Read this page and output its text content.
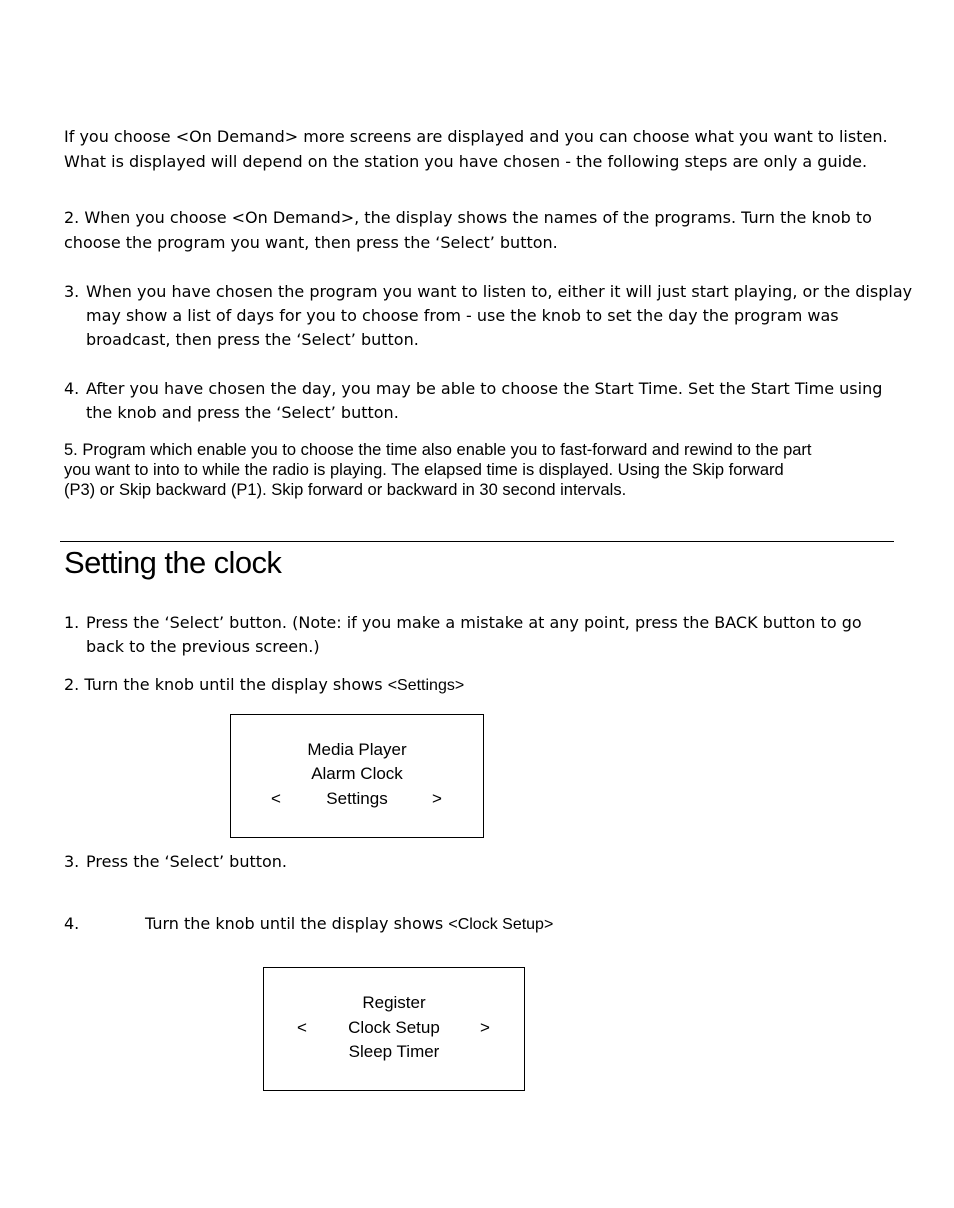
If you choose <On Demand> more screens are displayed and you can choose what you want to listen.

What is displayed will depend on the station you have chosen - the following steps are only a guide.

2. When you choose <On Demand>, the display shows the names of the programs. Turn the knob to

choose the program you want, then press the ‘Select’ button.

3. When you have chosen the program you want to listen to, either it will just start playing, or the display

may show a list of days for you to choose from - use the knob to set the day the program was

broadcast, then press the ‘Select’ button.

4. After you have chosen the day, you may be able to choose the Start Time. Set the Start Time using

the knob and press the ‘Select’ button.

5. Program which enable you to choose the time also enable you to fast-forward and rewind to the part
you want to into to while the radio is playing. The elapsed time is displayed. Using the Skip forward
(P3) or Skip backward (P1). Skip forward or backward in 30 second intervals.
Setting the clock
1. Press the ‘Select’ button. (Note: if you make a mistake at any point, press the BACK button to go

back to the previous screen.)

2. Turn the knob until the display shows <Settings>

Media Player
Alarm Clock
Settings
<	>
3. Press the ‘Select’ button.

4.	Turn the knob until the display shows <Clock Setup>

Register
Clock Setup
Sleep Timer
<	>
